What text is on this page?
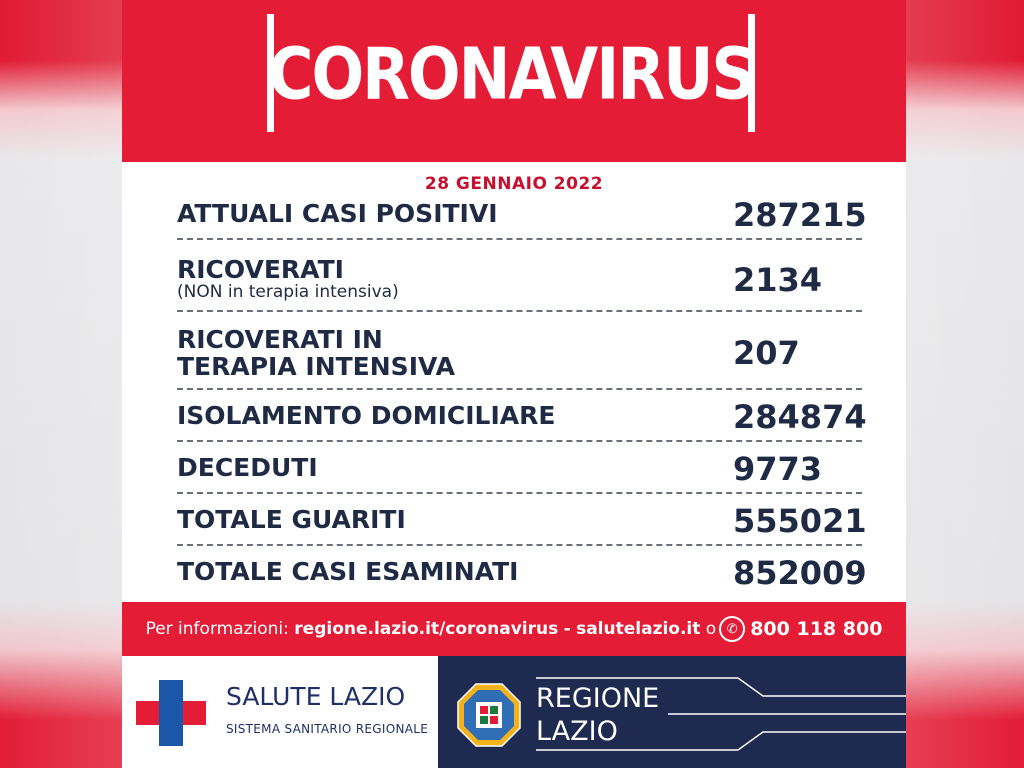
CORONAVIRUS
28 GENNAIO 2022
ATTUALI CASI POSITIVI	287215
RICOVERATI
(NON in terapia intensiva)	2134
RICOVERATI IN
TERAPIA INTENSIVA	207
ISOLAMENTO DOMICILIARE	284874
DECEDUTI	9773
TOTALE GUARITI	555021
TOTALE CASI ESAMINATI	852009
Per informazioni:
regione.lazio.it/coronavirus
-
salutelazio.it
o ✆ 800 118 800
SALUTE LAZIO
SISTEMA SANITARIO REGIONALE
REGIONE
LAZIO
